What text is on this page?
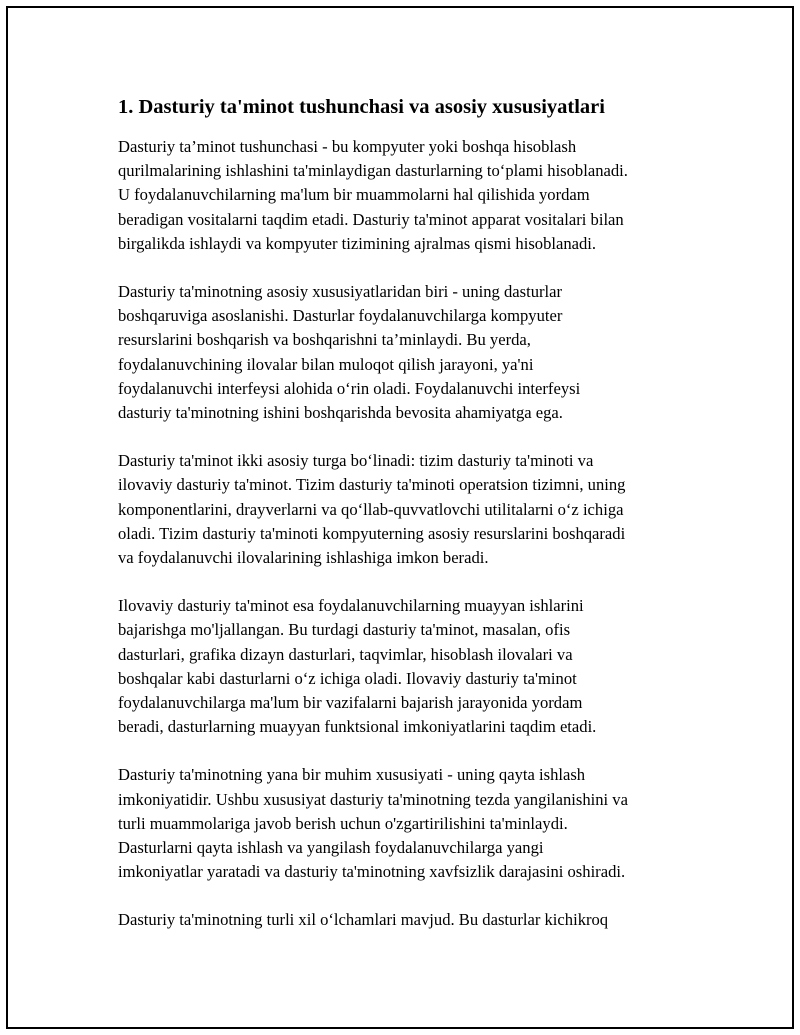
1. Dasturiy ta'minot tushunchasi va asosiy xususiyatlari

Dasturiy ta’minot tushunchasi - bu kompyuter yoki boshqa hisoblash
qurilmalarining ishlashini ta'minlaydigan dasturlarning to‘plami hisoblanadi.
U foydalanuvchilarning ma'lum bir muammolarni hal qilishida yordam
beradigan vositalarni taqdim etadi. Dasturiy ta'minot apparat vositalari bilan
birgalikda ishlaydi va kompyuter tizimining ajralmas qismi hisoblanadi.

Dasturiy ta'minotning asosiy xususiyatlaridan biri - uning dasturlar
boshqaruviga asoslanishi. Dasturlar foydalanuvchilarga kompyuter
resurslarini boshqarish va boshqarishni ta’minlaydi. Bu yerda,
foydalanuvchining ilovalar bilan muloqot qilish jarayoni, ya'ni
foydalanuvchi interfeysi alohida o‘rin oladi. Foydalanuvchi interfeysi
dasturiy ta'minotning ishini boshqarishda bevosita ahamiyatga ega.

Dasturiy ta'minot ikki asosiy turga bo‘linadi: tizim dasturiy ta'minoti va
ilovaviy dasturiy ta'minot. Tizim dasturiy ta'minoti operatsion tizimni, uning
komponentlarini, drayverlarni va qo‘llab-quvvatlovchi utilitalarni o‘z ichiga
oladi. Tizim dasturiy ta'minoti kompyuterning asosiy resurslarini boshqaradi
va foydalanuvchi ilovalarining ishlashiga imkon beradi.

Ilovaviy dasturiy ta'minot esa foydalanuvchilarning muayyan ishlarini
bajarishga mo'ljallangan. Bu turdagi dasturiy ta'minot, masalan, ofis
dasturlari, grafika dizayn dasturlari, taqvimlar, hisoblash ilovalari va
boshqalar kabi dasturlarni o‘z ichiga oladi. Ilovaviy dasturiy ta'minot
foydalanuvchilarga ma'lum bir vazifalarni bajarish jarayonida yordam
beradi, dasturlarning muayyan funktsional imkoniyatlarini taqdim etadi.

Dasturiy ta'minotning yana bir muhim xususiyati - uning qayta ishlash
imkoniyatidir. Ushbu xususiyat dasturiy ta'minotning tezda yangilanishini va
turli muammolariga javob berish uchun o'zgartirilishini ta'minlaydi.
Dasturlarni qayta ishlash va yangilash foydalanuvchilarga yangi
imkoniyatlar yaratadi va dasturiy ta'minotning xavfsizlik darajasini oshiradi.

Dasturiy ta'minotning turli xil o‘lchamlari mavjud. Bu dasturlar kichikroq
